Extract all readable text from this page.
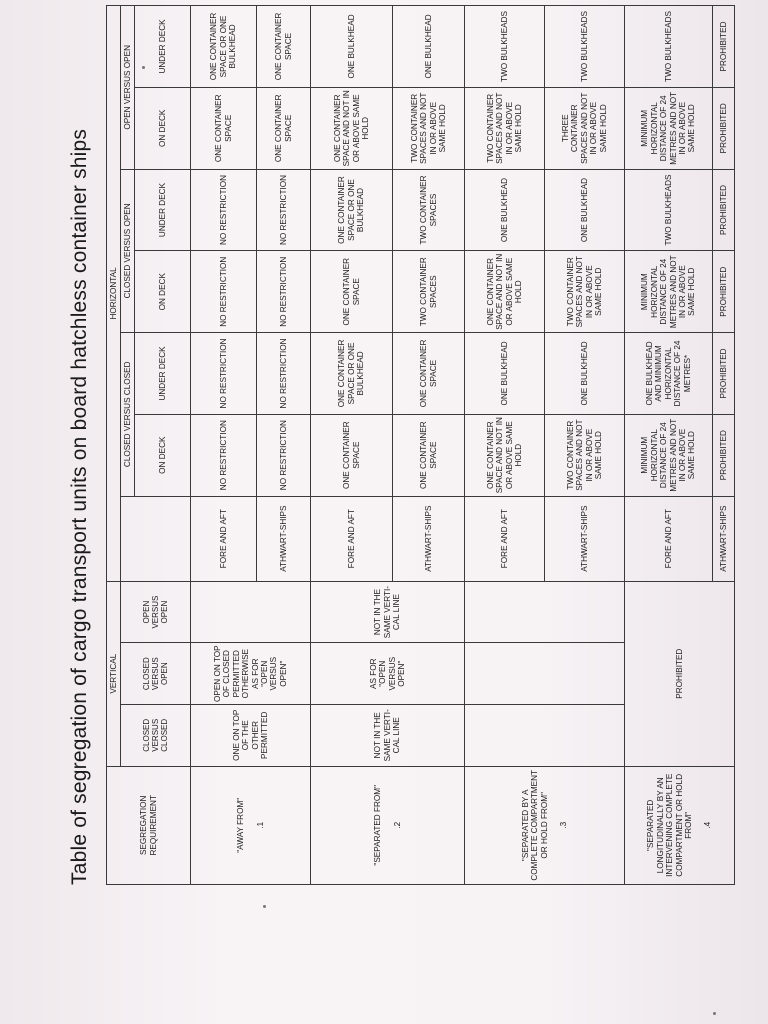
Table of segregation of cargo transport units on board hatchless container ships	SEGREGATION REQUIREMENT	VERTICAL			HORIZONTAL						
	CLOSED VERSUS CLOSED	CLOSED VERSUS OPEN	OPEN VERSUS OPEN		CLOSED VERSUS CLOSED		CLOSED VERSUS OPEN		OPEN VERSUS OPEN	
					ON DECK	UNDER DECK	ON DECK	UNDER DECK	ON DECK	UNDER DECK
"AWAY FROM" .1	ONE ON TOP OF THE OTHER PERMITTED	OPEN ON TOP OF CLOSED PERMITTED OTHERWISE AS FOR "OPEN VERSUS OPEN"		FORE AND AFT	NO RESTRICTION	NO RESTRICTION	NO RESTRICTION	NO RESTRICTION	ONE CONTAINER SPACE	ONE CONTAINER SPACE OR ONE BULKHEAD
				ATHWART-SHIPS	NO RESTRICTION	NO RESTRICTION	NO RESTRICTION	NO RESTRICTION	ONE CONTAINER SPACE	ONE CONTAINER SPACE
"SEPARATED FROM" .2	NOT IN THE SAME VERTI-CAL LINE	AS FOR "OPEN VERSUS OPEN"	NOT IN THE SAME VERTI-CAL LINE	FORE AND AFT	ONE CONTAINER SPACE	ONE CONTAINER SPACE OR ONE BULKHEAD	ONE CONTAINER SPACE	ONE CONTAINER SPACE OR ONE BULKHEAD	ONE CONTAINER SPACE AND NOT IN OR ABOVE SAME HOLD	ONE BULKHEAD
				ATHWART-SHIPS	ONE CONTAINER SPACE	ONE CONTAINER SPACE	TWO CONTAINER SPACES	TWO CONTAINER SPACES	TWO CONTAINER SPACES AND NOT IN OR ABOVE SAME HOLD	ONE BULKHEAD
"SEPARATED BY A COMPLETE COMPARTMENT OR HOLD FROM" .3				FORE AND AFT	ONE CONTAINER SPACE AND NOT IN OR ABOVE SAME HOLD	ONE BULKHEAD	ONE CONTAINER SPACE AND NOT IN OR ABOVE SAME HOLD	ONE BULKHEAD	TWO CONTAINER SPACES AND NOT IN OR ABOVE SAME HOLD	TWO BULKHEADS
				ATHWART-SHIPS	TWO CONTAINER SPACES AND NOT IN OR ABOVE SAME HOLD	ONE BULKHEAD	TWO CONTAINER SPACES AND NOT IN OR ABOVE SAME HOLD	ONE BULKHEAD	THREE CONTAINER SPACES AND NOT IN OR ABOVE SAME HOLD	TWO BULKHEADS
"SEPARATED LONGITUDINALLY BY AN INTERVENING COMPLETE COMPARTMENT OR HOLD FROM" .4	PROHIBITED			FORE AND AFT	MINIMUM HORIZONTAL DISTANCE OF 24 METRES AND NOT IN OR ABOVE SAME HOLD	ONE BULKHEAD AND MINIMUM HORIZONTAL DISTANCE OF 24 METRES*	MINIMUM HORIZONTAL DISTANCE OF 24 METRES AND NOT IN OR ABOVE SAME HOLD	TWO BULKHEADS	MINIMUM HORIZONTAL DISTANCE OF 24 METRES AND NOT IN OR ABOVE SAME HOLD	TWO BULKHEADS
				ATHWART-SHIPS	PROHIBITED	PROHIBITED	PROHIBITED	PROHIBITED	PROHIBITED	PROHIBITED
